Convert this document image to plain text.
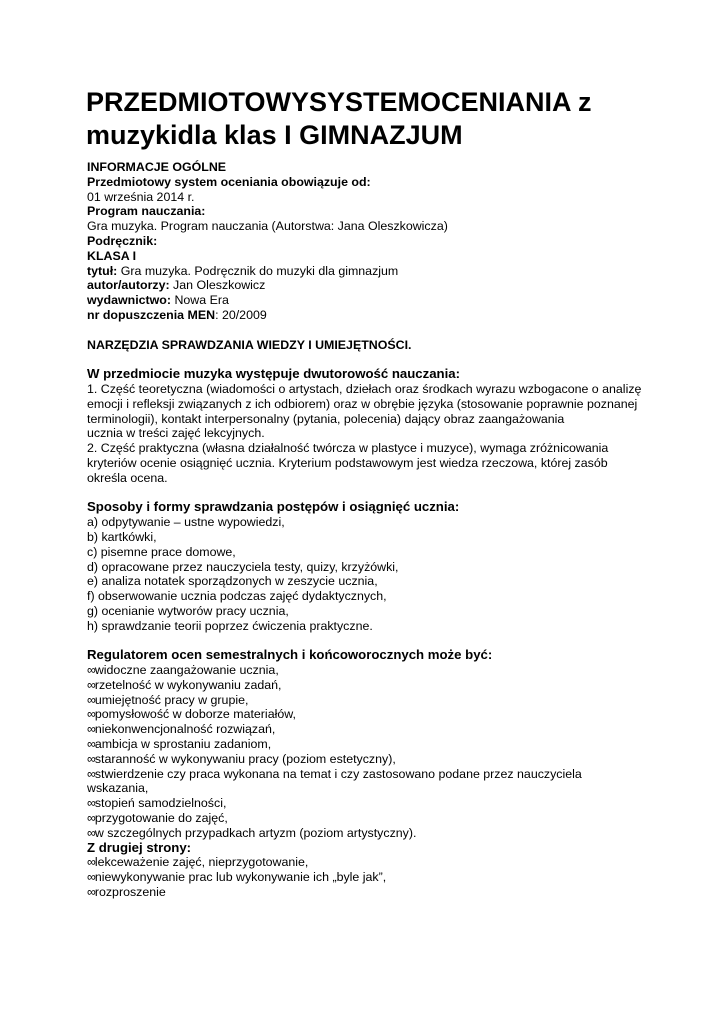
PRZEDMIOTOWYSYSTEMOCENIANIA z muzykidla klas I GIMNAZJUM
INFORMACJE OGÓLNE
Przedmiotowy system oceniania obowiązuje od:
01 września 2014 r.
Program nauczania:
Gra muzyka. Program nauczania (Autorstwa: Jana Oleszkowicza)
Podręcznik:
KLASA I
tytuł: Gra muzyka. Podręcznik do muzyki dla gimnazjum
autor/autorzy: Jan Oleszkowicz
wydawnictwo: Nowa Era
nr dopuszczenia MEN: 20/2009
NARZĘDZIA SPRAWDZANIA WIEDZY I UMIEJĘTNOŚCI.
W przedmiocie muzyka występuje dwutorowość nauczania:
1. Część teoretyczna (wiadomości o artystach, dziełach oraz środkach wyrazu wzbogacone o analizę
emocji i refleksji związanych z ich odbiorem) oraz w obrębie języka (stosowanie poprawnie poznanej
terminologii), kontakt interpersonalny (pytania, polecenia) dający obraz zaangażowania
ucznia w treści zajęć lekcyjnych.
2. Część praktyczna (własna działalność twórcza w plastyce i muzyce), wymaga zróżnicowania
kryteriów ocenie osiągnięć ucznia. Kryterium podstawowym jest wiedza rzeczowa, której zasób
określa ocena.
Sposoby i formy sprawdzania postępów i osiągnięć ucznia:
a) odpytywanie – ustne wypowiedzi,
b) kartkówki,
c) pisemne prace domowe,
d) opracowane przez nauczyciela testy, quizy, krzyżówki,
e) analiza notatek sporządzonych w zeszycie ucznia,
f) obserwowanie ucznia podczas zajęć dydaktycznych,
g) ocenianie wytworów pracy ucznia,
h) sprawdzanie teorii poprzez ćwiczenia praktyczne.
Regulatorem ocen semestralnych i końcoworocznych może być:
∞widoczne zaangażowanie ucznia,
∞rzetelność w wykonywaniu zadań,
∞umiejętność pracy w grupie,
∞pomysłowość w doborze materiałów,
∞niekonwencjonalność rozwiązań,
∞ambicja w sprostaniu zadaniom,
∞staranność w wykonywaniu pracy (poziom estetyczny),
∞stwierdzenie czy praca wykonana na temat i czy zastosowano podane przez nauczyciela
wskazania,
∞stopień samodzielności,
∞przygotowanie do zajęć,
∞w szczególnych przypadkach artyzm (poziom artystyczny).
Z drugiej strony:
∞lekceważenie zajęć, nieprzygotowanie,
∞niewykonywanie prac lub wykonywanie ich „byle jak”,
∞rozproszenie
